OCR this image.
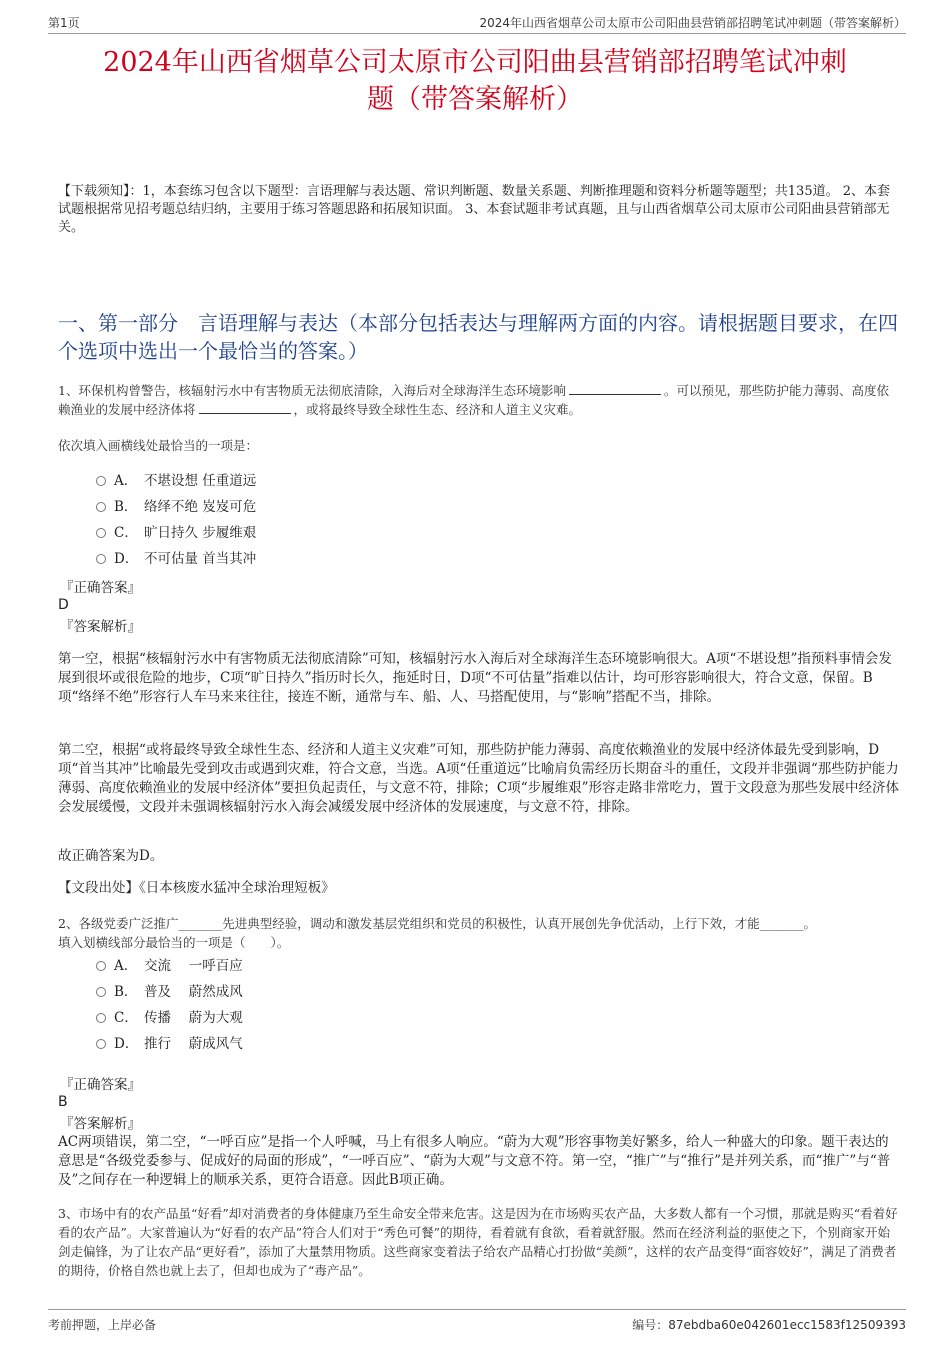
第1页	2024年山西省烟草公司太原市公司阳曲县营销部招聘笔试冲刺题（带答案解析）
2024年山西省烟草公司太原市公司阳曲县营销部招聘笔试冲刺
题（带答案解析）
【下载须知】：1，本套练习包含以下题型：言语理解与表达题、常识判断题、数量关系题、判断推理题和资料分析题等题型；共135道。 2、本套试题根据常见招考题总结归纳，主要用于练习答题思路和拓展知识面。 3、本套试题非考试真题，且与山西省烟草公司太原市公司阳曲县营销部无关。
一、第一部分　言语理解与表达（本部分包括表达与理解两方面的内容。请根据题目要求，在四个选项中选出一个最恰当的答案。）
1、环保机构曾警告，核辐射污水中有害物质无法彻底清除，入海后对全球海洋生态环境影响	。可以预见，那些防护能力薄弱、高度依赖渔业的发展中经济体将	，或将最终导致全球性生态、经济和人道主义灾难。
依次填入画横线处最恰当的一项是：
A． 不堪设想 任重道远
B． 络绎不绝 岌岌可危
C． 旷日持久 步履维艰
D． 不可估量 首当其冲
『正确答案』
D
『答案解析』
第一空，根据“核辐射污水中有害物质无法彻底清除”可知，核辐射污水入海后对全球海洋生态环境影响很大。A项“不堪设想”指预料事情会发展到很坏或很危险的地步，C项“旷日持久”指历时长久，拖延时日，D项“不可估量”指难以估计，均可形容影响很大，符合文意，保留。B项“络绎不绝”形容行人车马来来往往，接连不断，通常与车、船、人、马搭配使用，与“影响”搭配不当，排除。
第二空，根据“或将最终导致全球性生态、经济和人道主义灾难”可知，那些防护能力薄弱、高度依赖渔业的发展中经济体最先受到影响，D项“首当其冲”比喻最先受到攻击或遇到灾难，符合文意，当选。A项“任重道远”比喻肩负需经历长期奋斗的重任，文段并非强调“那些防护能力薄弱、高度依赖渔业的发展中经济体”要担负起责任，与文意不符，排除；C项“步履维艰”形容走路非常吃力，置于文段意为那些发展中经济体会发展缓慢，文段并未强调核辐射污水入海会减缓发展中经济体的发展速度，与文意不符，排除。
故正确答案为D。
【文段出处】《日本核废水猛冲全球治理短板》
2、各级党委广泛推广_______先进典型经验，调动和激发基层党组织和党员的积极性，认真开展创先争优活动，上行下效，才能_______。
填入划横线部分最恰当的一项是（　　）。
A． 交流　 一呼百应
B． 普及　 蔚然成风
C． 传播　 蔚为大观
D． 推行　 蔚成风气
『正确答案』
B
『答案解析』
AC两项错误，第二空，“一呼百应”是指一个人呼喊，马上有很多人响应。“蔚为大观”形容事物美好繁多，给人一种盛大的印象。题干表达的意思是“各级党委参与、促成好的局面的形成”，“一呼百应”、“蔚为大观”与文意不符。第一空，“推广”与“推行”是并列关系，而“推广”与“普及”之间存在一种逻辑上的顺承关系，更符合语意。因此B项正确。
3、市场中有的农产品虽“好看”却对消费者的身体健康乃至生命安全带来危害。这是因为在市场购买农产品，大多数人都有一个习惯，那就是购买“看着好看的农产品”。大家普遍认为“好看的农产品”符合人们对于“秀色可餐”的期待，看着就有食欲，看着就舒服。然而在经济利益的驱使之下，个别商家开始剑走偏锋，为了让农产品“更好看”，添加了大量禁用物质。这些商家变着法子给农产品精心打扮做“美颜”，这样的农产品变得“面容姣好”，满足了消费者的期待，价格自然也就上去了，但却也成为了“毒产品”。
考前押题，上岸必备	编号：87ebdba60e042601ecc1583f12509393
